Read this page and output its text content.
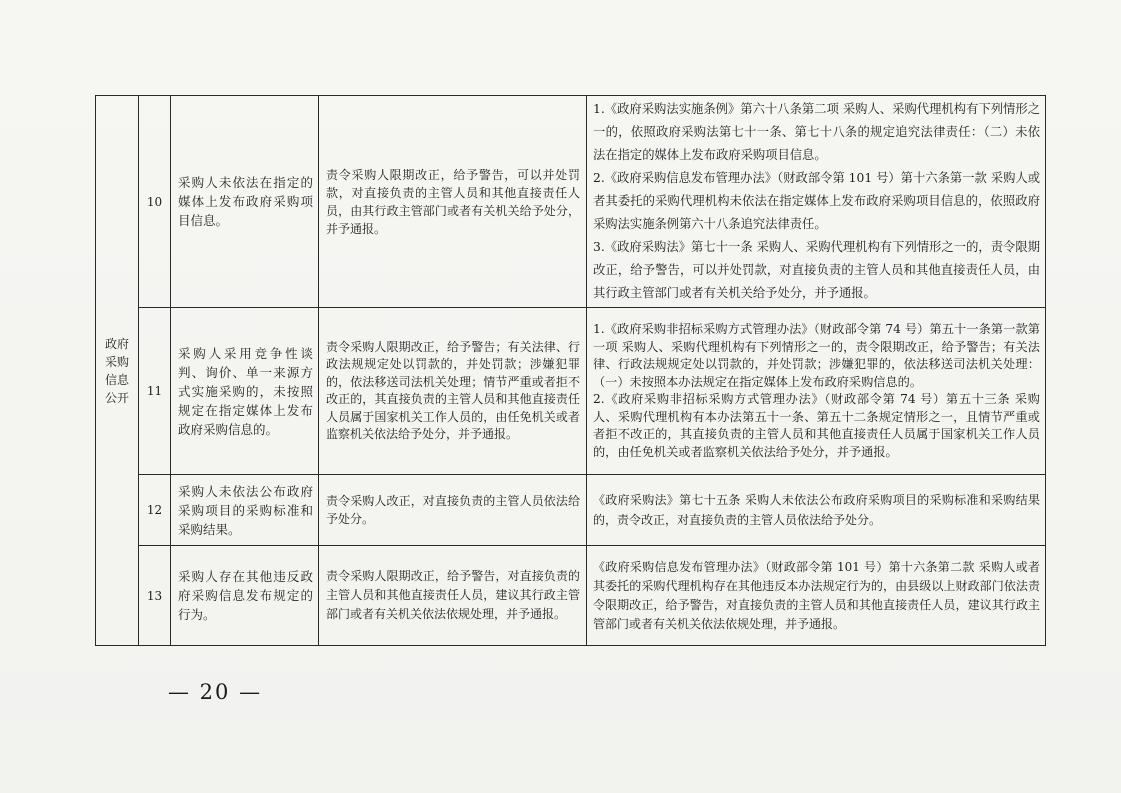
政府采购信息公开	10	采购人未依法在指定的媒体上发布政府采购项目信息。	责令采购人限期改正，给予警告，可以并处罚款，对直接负责的主管人员和其他直接责任人员，由其行政主管部门或者有关机关给予处分，并予通报。	1.《政府采购法实施条例》第六十八条第二项 采购人、采购代理机构有下列情形之一的，依照政府采购法第七十一条、第七十八条的规定追究法律责任：（二）未依法在指定的媒体上发布政府采购项目信息。

2.《政府采购信息发布管理办法》（财政部令第 101 号）第十六条第一款 采购人或者其委托的采购代理机构未依法在指定媒体上发布政府采购项目信息的，依照政府采购法实施条例第六十八条追究法律责任。

3.《政府采购法》第七十一条 采购人、采购代理机构有下列情形之一的，责令限期改正，给予警告，可以并处罚款，对直接负责的主管人员和其他直接责任人员，由其行政主管部门或者有关机关给予处分，并予通报。

	11	采购人采用竞争性谈判、询价、单一来源方式实施采购的，未按照规定在指定媒体上发布政府采购信息的。	责令采购人限期改正，给予警告；有关法律、行政法规规定处以罚款的，并处罚款；涉嫌犯罪的，依法移送司法机关处理；情节严重或者拒不改正的，其直接负责的主管人员和其他直接责任人员属于国家机关工作人员的，由任免机关或者监察机关依法给予处分，并予通报。	1.《政府采购非招标采购方式管理办法》（财政部令第 74 号）第五十一条第一款第一项 采购人、采购代理机构有下列情形之一的，责令限期改正，给予警告；有关法律、行政法规规定处以罚款的，并处罚款；涉嫌犯罪的，依法移送司法机关处理：（一）未按照本办法规定在指定媒体上发布政府采购信息的。

2.《政府采购非招标采购方式管理办法》（财政部令第 74 号）第五十三条 采购人、采购代理机构有本办法第五十一条、第五十二条规定情形之一，且情节严重或者拒不改正的，其直接负责的主管人员和其他直接责任人员属于国家机关工作人员的，由任免机关或者监察机关依法给予处分，并予通报。

	12	采购人未依法公布政府采购项目的采购标准和采购结果。	责令采购人改正，对直接负责的主管人员依法给予处分。	《政府采购法》第七十五条 采购人未依法公布政府采购项目的采购标准和采购结果的，责令改正，对直接负责的主管人员依法给予处分。

	13	采购人存在其他违反政府采购信息发布规定的行为。	责令采购人限期改正，给予警告，对直接负责的主管人员和其他直接责任人员，建议其行政主管部门或者有关机关依法依规处理，并予通报。	《政府采购信息发布管理办法》（财政部令第 101 号）第十六条第二款 采购人或者其委托的采购代理机构存在其他违反本办法规定行为的，由县级以上财政部门依法责令限期改正，给予警告，对直接负责的主管人员和其他直接责任人员，建议其行政主管部门或者有关机关依法依规处理，并予通报。

— 20 —
